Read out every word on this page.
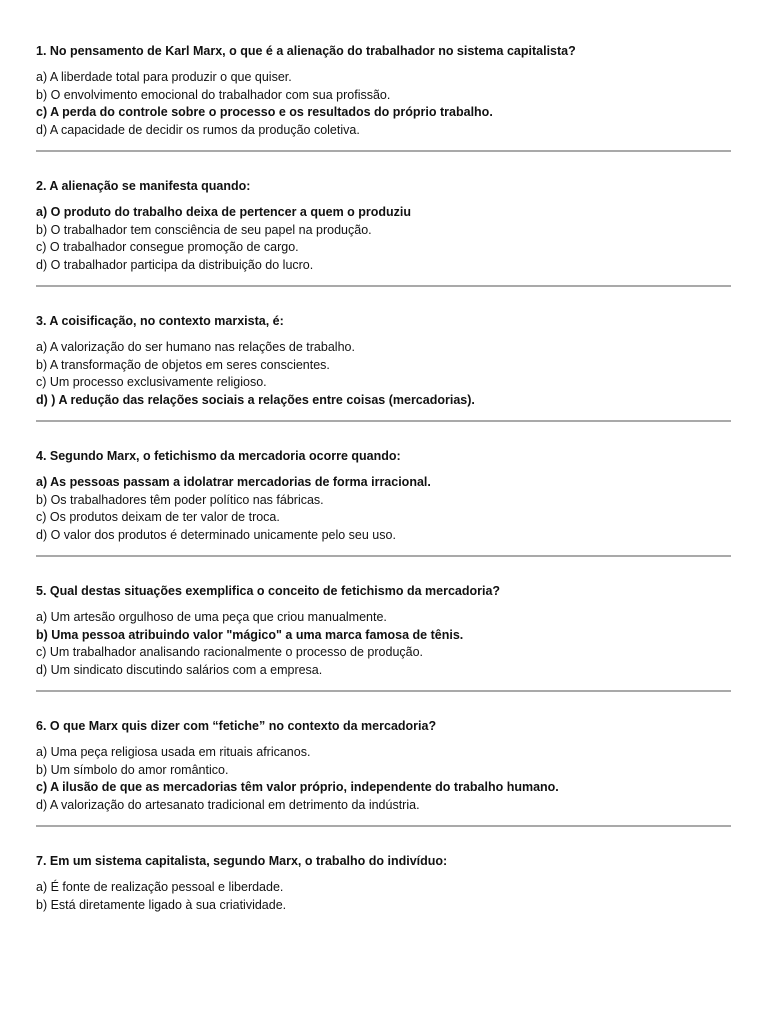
1. No pensamento de Karl Marx, o que é a alienação do trabalhador no sistema capitalista?
a) A liberdade total para produzir o que quiser.
b) O envolvimento emocional do trabalhador com sua profissão.
c) A perda do controle sobre o processo e os resultados do próprio trabalho.
d) A capacidade de decidir os rumos da produção coletiva.
2. A alienação se manifesta quando:
a) O produto do trabalho deixa de pertencer a quem o produziu
b) O trabalhador tem consciência de seu papel na produção.
c) O trabalhador consegue promoção de cargo.
d) O trabalhador participa da distribuição do lucro.
3. A coisificação, no contexto marxista, é:
a) A valorização do ser humano nas relações de trabalho.
b) A transformação de objetos em seres conscientes.
c) Um processo exclusivamente religioso.
d) ) A redução das relações sociais a relações entre coisas (mercadorias).
4. Segundo Marx, o fetichismo da mercadoria ocorre quando:
a) As pessoas passam a idolatrar mercadorias de forma irracional.
b) Os trabalhadores têm poder político nas fábricas.
c) Os produtos deixam de ter valor de troca.
d) O valor dos produtos é determinado unicamente pelo seu uso.
5. Qual destas situações exemplifica o conceito de fetichismo da mercadoria?
a) Um artesão orgulhoso de uma peça que criou manualmente.
b) Uma pessoa atribuindo valor "mágico" a uma marca famosa de tênis.
c) Um trabalhador analisando racionalmente o processo de produção.
d) Um sindicato discutindo salários com a empresa.
6. O que Marx quis dizer com “fetiche” no contexto da mercadoria?
a) Uma peça religiosa usada em rituais africanos.
b) Um símbolo do amor romântico.
c) A ilusão de que as mercadorias têm valor próprio, independente do trabalho humano.
d) A valorização do artesanato tradicional em detrimento da indústria.
7. Em um sistema capitalista, segundo Marx, o trabalho do indivíduo:
a) É fonte de realização pessoal e liberdade.
b) Está diretamente ligado à sua criatividade.
